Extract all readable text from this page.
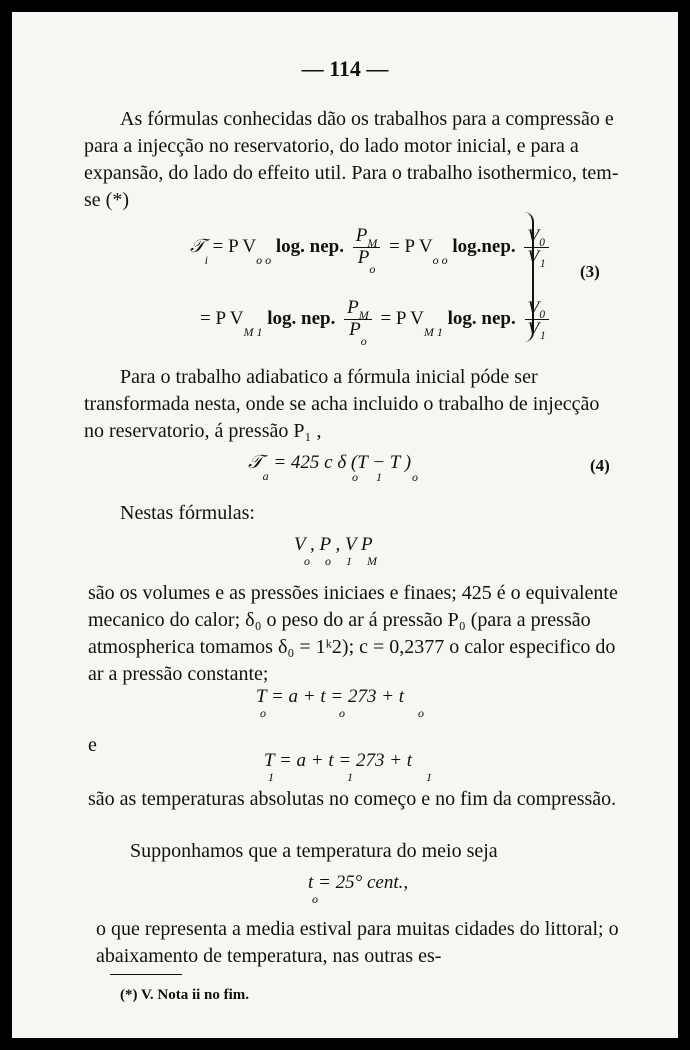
— 114 —

As fórmulas conhecidas dão os trabalhos para a compressão e para a injecção no reservatorio, do lado motor inicial, e para a expansão, do lado do effeito util. Para o trabalho isothermico, tem-se (*)

𝒯$_i$ = P $V_{o o}$ log. nep. $\frac{P_M}{P_o} = P$ $V_{o o}$ log.nep. $\frac{\text{V₀}}{\text{V₁}}$
= P $V_{M 1}$ log. nep. $\frac{P_M}{P_o} = P$ $V_{M 1}$ log. nep. $\frac{\text{V₀}}{\text{V₁}}$
(3)

Para o trabalho adiabatico a fórmula inicial póde ser transformada nesta, onde se acha incluido o trabalho de injecção no reservatorio, á pressão P₁ ,

𝒯$_a$ = 425 c δ (T − T )
o 1	o
(4)
Nestas fórmulas:
V , P , V P
o o 1 M

são os volumes e as pressões iniciaes e finaes; 425 é o equivalente mecanico do calor; δ₀ o peso do ar á pressão P₀ (para a pressão atmospherica tomamos δ₀ = 1ᵏ2); c = 0,2377 o calor especifico do ar a pressão constante;

T = a + t = 273 + t
o o o
e
T = a + t = 273 + t
1 1 1

são as temperaturas absolutas no começo e no fim da compressão.

Supponhamos que a temperatura do meio seja
t = 25° cent.,
o

o que representa a media estival para muitas cidades do littoral; o abaixamento de temperatura, nas outras es-

(*) V. Nota ii no fim.
